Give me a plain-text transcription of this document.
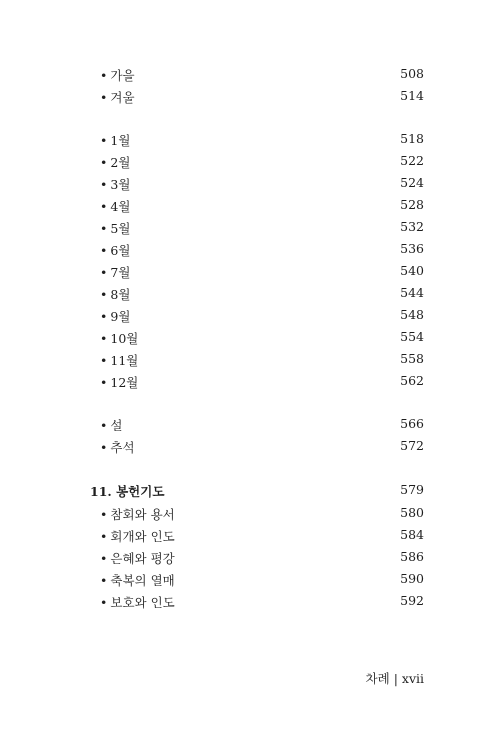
• 가을	508
• 겨울	514
• 1월	518
• 2월	522
• 3월	524
• 4월	528
• 5월	532
• 6월	536
• 7월	540
• 8월	544
• 9월	548
• 10월	554
• 11월	558
• 12월	562
• 설	566
• 추석	572
11. 봉헌기도	579
• 참회와 용서	580
• 회개와 인도	584
• 은혜와 평강	586
• 축복의 열매	590
• 보호와 인도	592
차례 | xvii
